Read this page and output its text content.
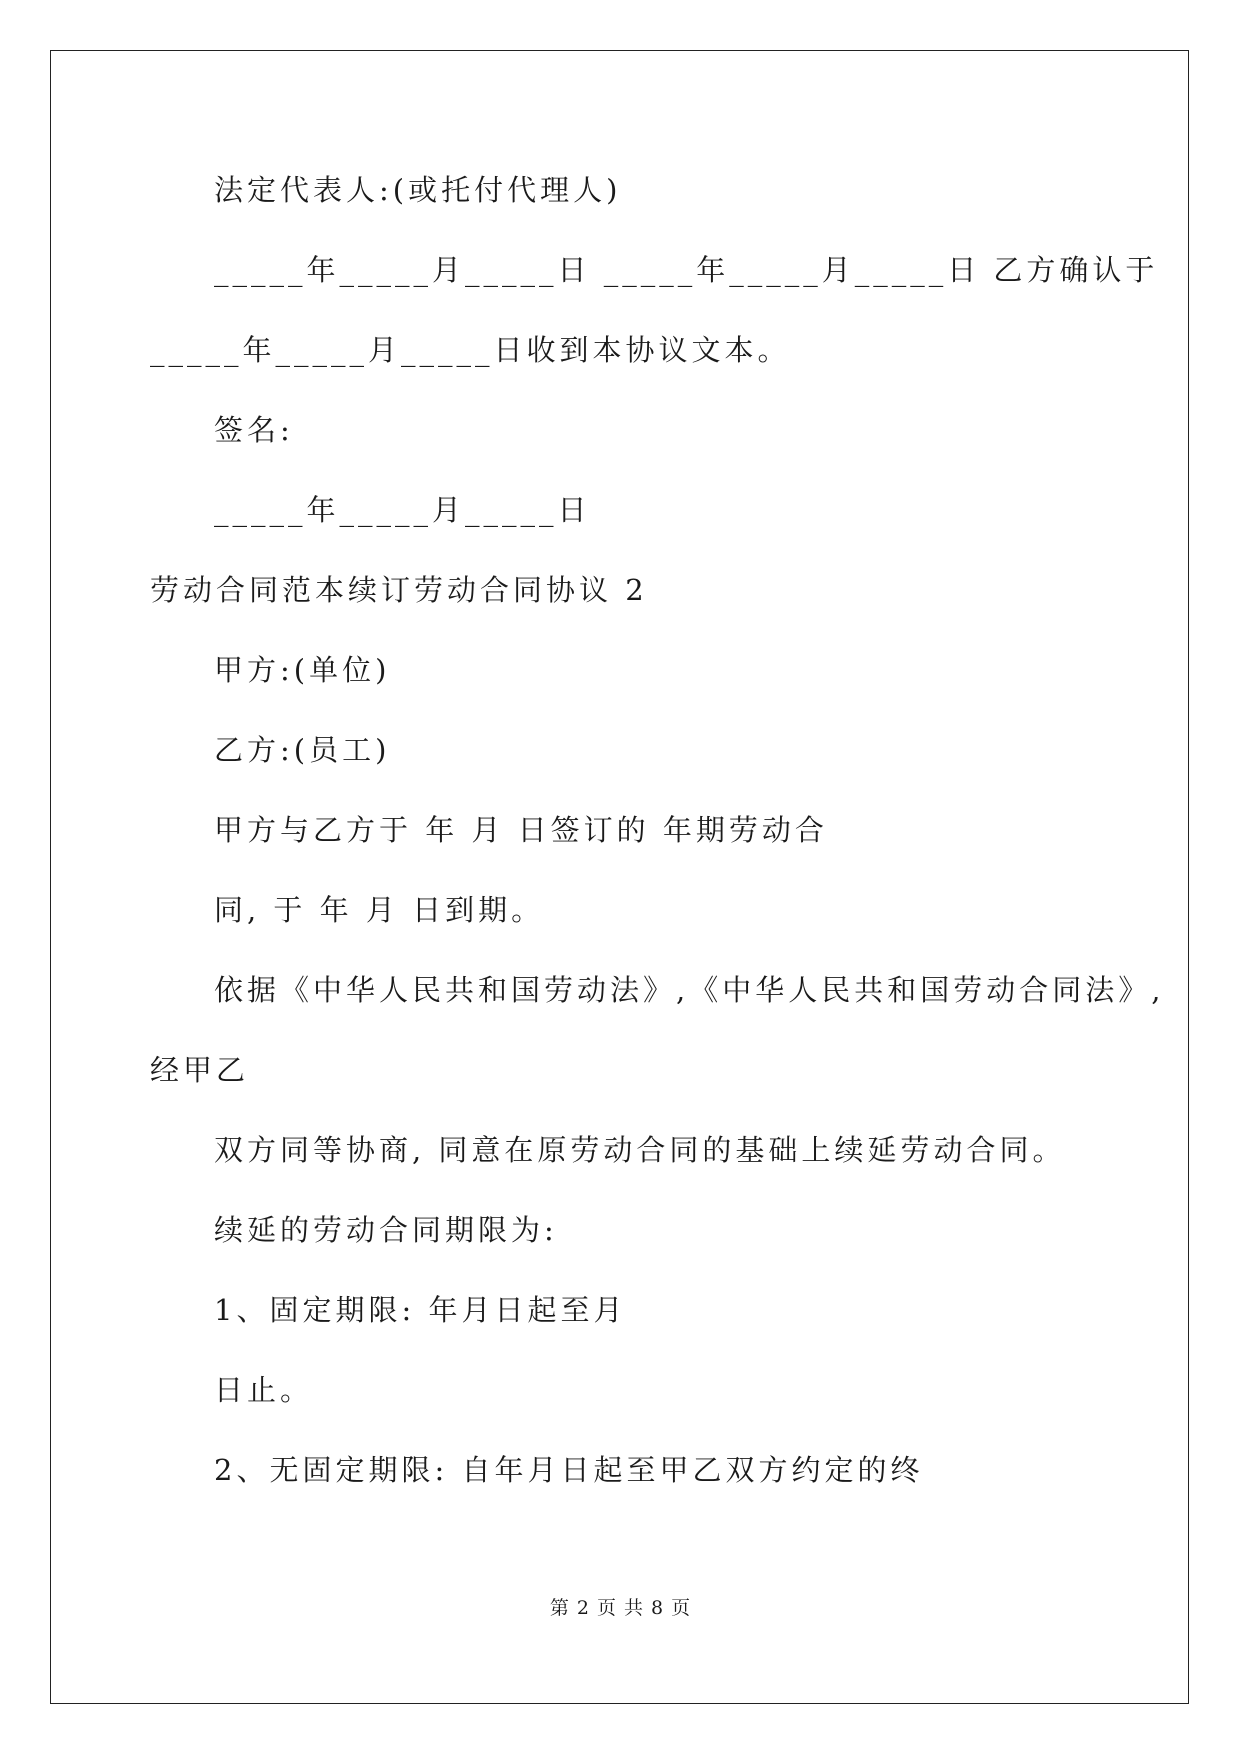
法定代表人:(或托付代理人)
_____年_____月_____日 _____年_____月_____日 乙方确认于
_____年_____月_____日收到本协议文本。
签名:
_____年_____月_____日
劳动合同范本续订劳动合同协议 2
甲方:(单位)
乙方:(员工)
甲方与乙方于 年 月 日签订的 年期劳动合
同, 于 年 月 日到期。
依据《中华人民共和国劳动法》,《中华人民共和国劳动合同法》,
经甲乙
双方同等协商, 同意在原劳动合同的基础上续延劳动合同。
续延的劳动合同期限为:
1、固定期限: 年月日起至月
日止。
2、无固定期限: 自年月日起至甲乙双方约定的终
第 2 页 共 8 页
